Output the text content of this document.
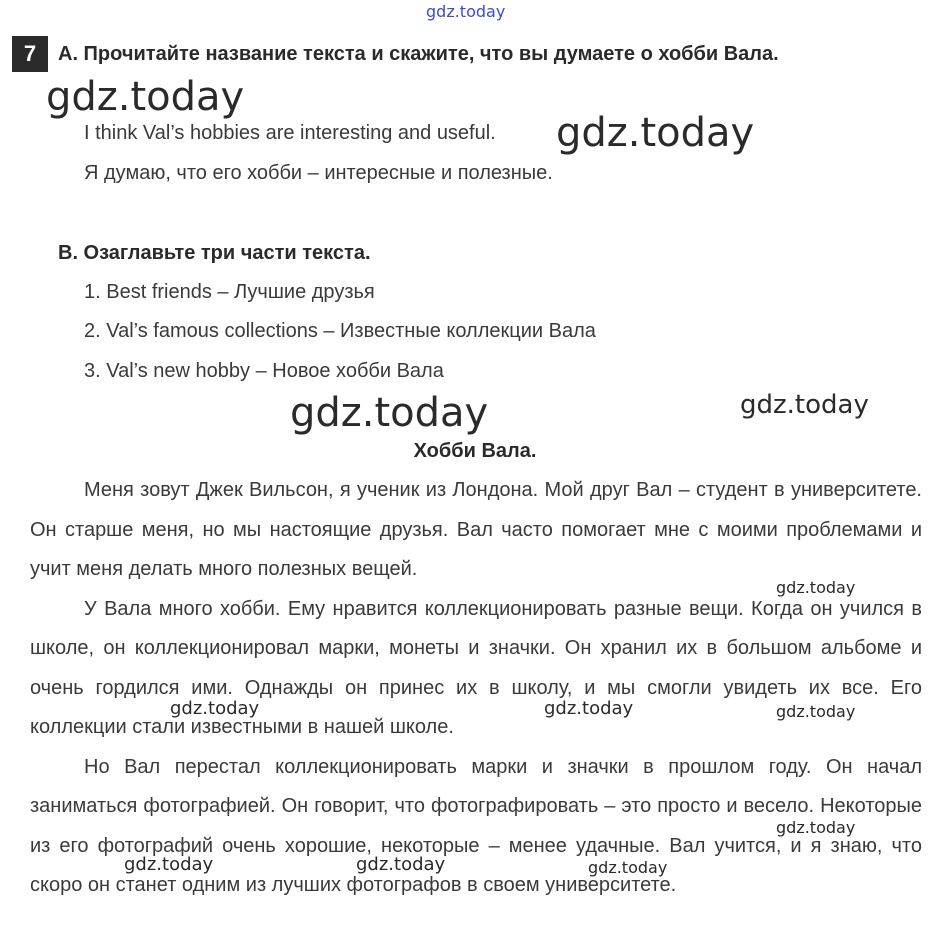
gdz.today
7	A. Прочитайте название текста и скажите, что вы думаете о хобби Вала.
I think Val’s hobbies are interesting and useful.
Я думаю, что его хобби – интересные и полезные.
B. Озаглавьте три части текста.
1. Best friends – Лучшие друзья
2. Val’s famous collections – Известные коллекции Вала
3. Val’s new hobby – Новое хобби Вала
Хобби Вала.

Меня зовут Джек Вильсон, я ученик из Лондона. Мой друг Вал – студент в университете. Он старше меня, но мы настоящие друзья. Вал часто помогает мне с моими проблемами и учит меня делать много полезных вещей.

У Вала много хобби. Ему нравится коллекционировать разные вещи. Когда он учился в школе, он коллекционировал марки, монеты и значки. Он хранил их в большом альбоме и очень гордился ими. Однажды он принес их в школу, и мы смогли увидеть их все. Его коллекции стали известными в нашей школе.

Но Вал перестал коллекционировать марки и значки в прошлом году. Он начал заниматься фотографией. Он говорит, что фотографировать – это просто и весело. Некоторые из его фотографий очень хорошие, некоторые – менее удачные. Вал учится, и я знаю, что скоро он станет одним из лучших фотографов в своем университете.

gdz.today
gdz.today
gdz.today	gdz.today
gdz.today
gdz.today	gdz.today	gdz.today
gdz.today
gdz.today	gdz.today	gdz.today
